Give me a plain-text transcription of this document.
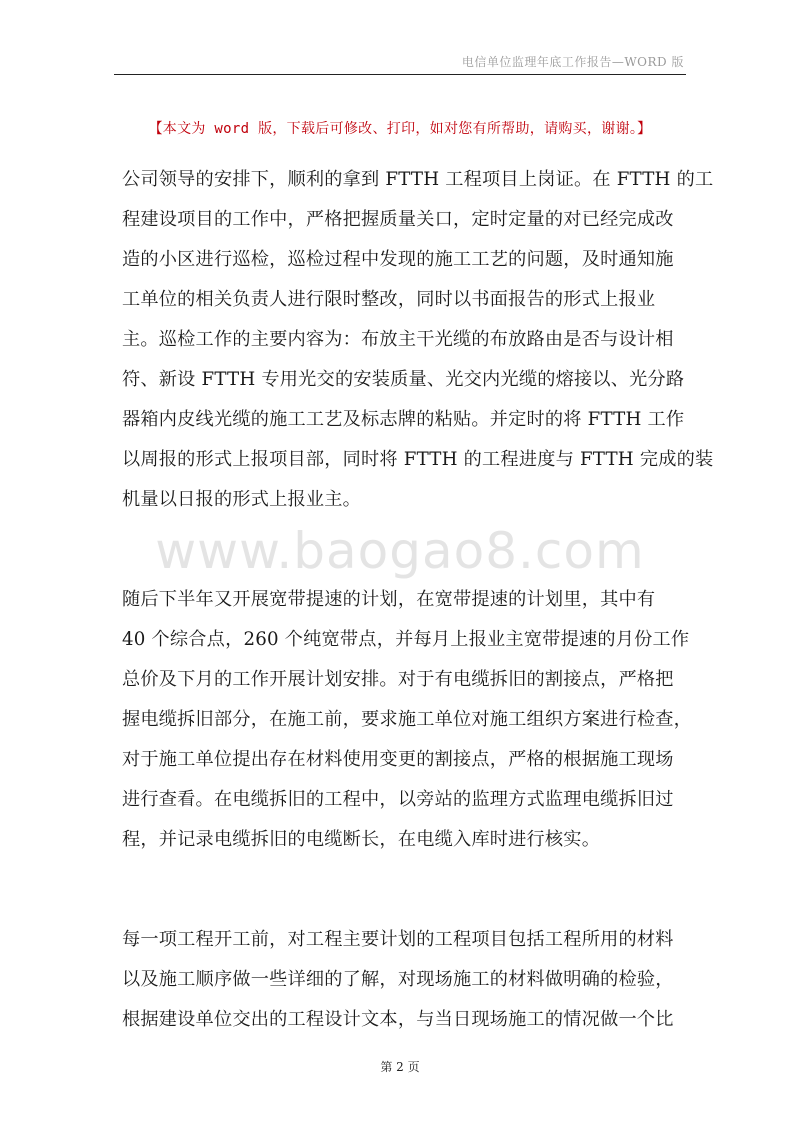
电信单位监理年底工作报告—WORD 版
【本文为 word 版，下载后可修改、打印，如对您有所帮助，请购买，谢谢。】
www.baogao8.com
公司领导的安排下，顺利的拿到 FTTH 工程项目上岗证。在 FTTH 的工
程建设项目的工作中，严格把握质量关口，定时定量的对已经完成改
造的小区进行巡检，巡检过程中发现的施工工艺的问题，及时通知施
工单位的相关负责人进行限时整改，同时以书面报告的形式上报业
主。巡检工作的主要内容为：布放主干光缆的布放路由是否与设计相
符、新设 FTTH 专用光交的安装质量、光交内光缆的熔接以、光分路
器箱内皮线光缆的施工工艺及标志牌的粘贴。并定时的将 FTTH 工作
以周报的形式上报项目部，同时将 FTTH 的工程进度与 FTTH 完成的装
机量以日报的形式上报业主。
随后下半年又开展宽带提速的计划，在宽带提速的计划里，其中有
40 个综合点，260 个纯宽带点，并每月上报业主宽带提速的月份工作
总价及下月的工作开展计划安排。对于有电缆拆旧的割接点，严格把
握电缆拆旧部分，在施工前，要求施工单位对施工组织方案进行检查，
对于施工单位提出存在材料使用变更的割接点，严格的根据施工现场
进行查看。在电缆拆旧的工程中，以旁站的监理方式监理电缆拆旧过
程，并记录电缆拆旧的电缆断长，在电缆入库时进行核实。
每一项工程开工前，对工程主要计划的工程项目包括工程所用的材料
以及施工顺序做一些详细的了解，对现场施工的材料做明确的检验，
根据建设单位交出的工程设计文本，与当日现场施工的情况做一个比
第 2 页
